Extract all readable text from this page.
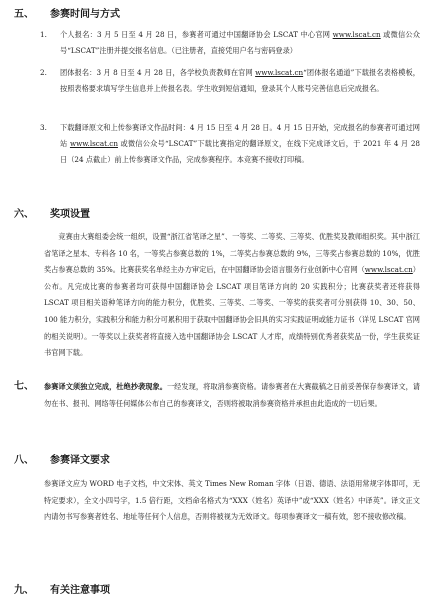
五、 参赛时间与方式

1. 个人报名：3 月 5 日至 4 月 28 日，参赛者可通过中国翻译协会 LSCAT 中心官网 www.lscat.cn 或微信公众号“LSCAT”注册并提交报名信息。（已注册者，直接凭用户名与密码登录）

2. 团体报名：3 月 8 日至 4 月 28 日，各学校负责教师在官网 www.lscat.cn“团体报名通道”下载报名表格模板，按照表格要求填写学生信息并上传报名表。学生收到短信通知，登录其个人账号完善信息后完成报名。

3. 下载翻译原文和上传参赛译文作品时间：4 月 15 日至 4 月 28 日。4 月 15 日开始，完成报名的参赛者可通过网站 www.lscat.cn 或微信公众号“LSCAT”下载比赛指定的翻译原文，在线下完成译文后，于 2021 年 4 月 28 日（24 点截止）前上传参赛译文作品，完成参赛程序。本竞赛不接收打印稿。

六、 奖项设置

竞赛由大赛组委会统一组织，设置“浙江省笔译之星”、一等奖、二等奖、三等奖、优胜奖及教师组织奖。其中浙江省笔译之星本、专科各 10 名，一等奖占参赛总数的 1%，二等奖占参赛总数的 9%，三等奖占参赛总数的 10%，优胜奖占参赛总数的 35%。比赛获奖名单经主办方审定后，在中国翻译协会语言服务行业创新中心官网（www.lscat.cn）公布。凡完成比赛的参赛者均可获得中国翻译协会 LSCAT 项目笔译方向的 20 实践积分；比赛获奖者还将获得 LSCAT 项目相关语种笔译方向的能力积分，优胜奖、三等奖、二等奖、一等奖的获奖者可分别获得 10、30、50、100 能力积分，实践积分和能力积分可累积用于获取中国翻译协会旧具的实习实践证明或能力证书（详见 LSCAT 官网的相关说明）。一等奖以上获奖者将直接入选中国翻译协会 LSCAT 人才库，成绩特别优秀者获奖品一份，学生获奖证书官网下载。

七、	参赛译文须独立完成，杜绝抄袭现象。一经发现，将取消参赛资格。请参赛者在大赛截稿之日前妥善保存参赛译文，请勿在书、报刊、网络等任何媒体公布自己的参赛译文，否则将被取消参赛资格并承担由此造成的一切后果。

八、 参赛译文要求

参赛译文应为 WORD 电子文档，中文宋体、英文 Times New Roman 字体（日语、德语、法语用常规字体即可，无特定要求），全文小四号字，1.5 倍行距，文档命名格式为“XXX（姓名）英译中”或“XXX（姓名）中译英”。译文正文内请勿书写参赛者姓名、地址等任何个人信息，否则将被视为无效译文。每项参赛译文一稿有效，恕不接收修改稿。

九、 有关注意事项
